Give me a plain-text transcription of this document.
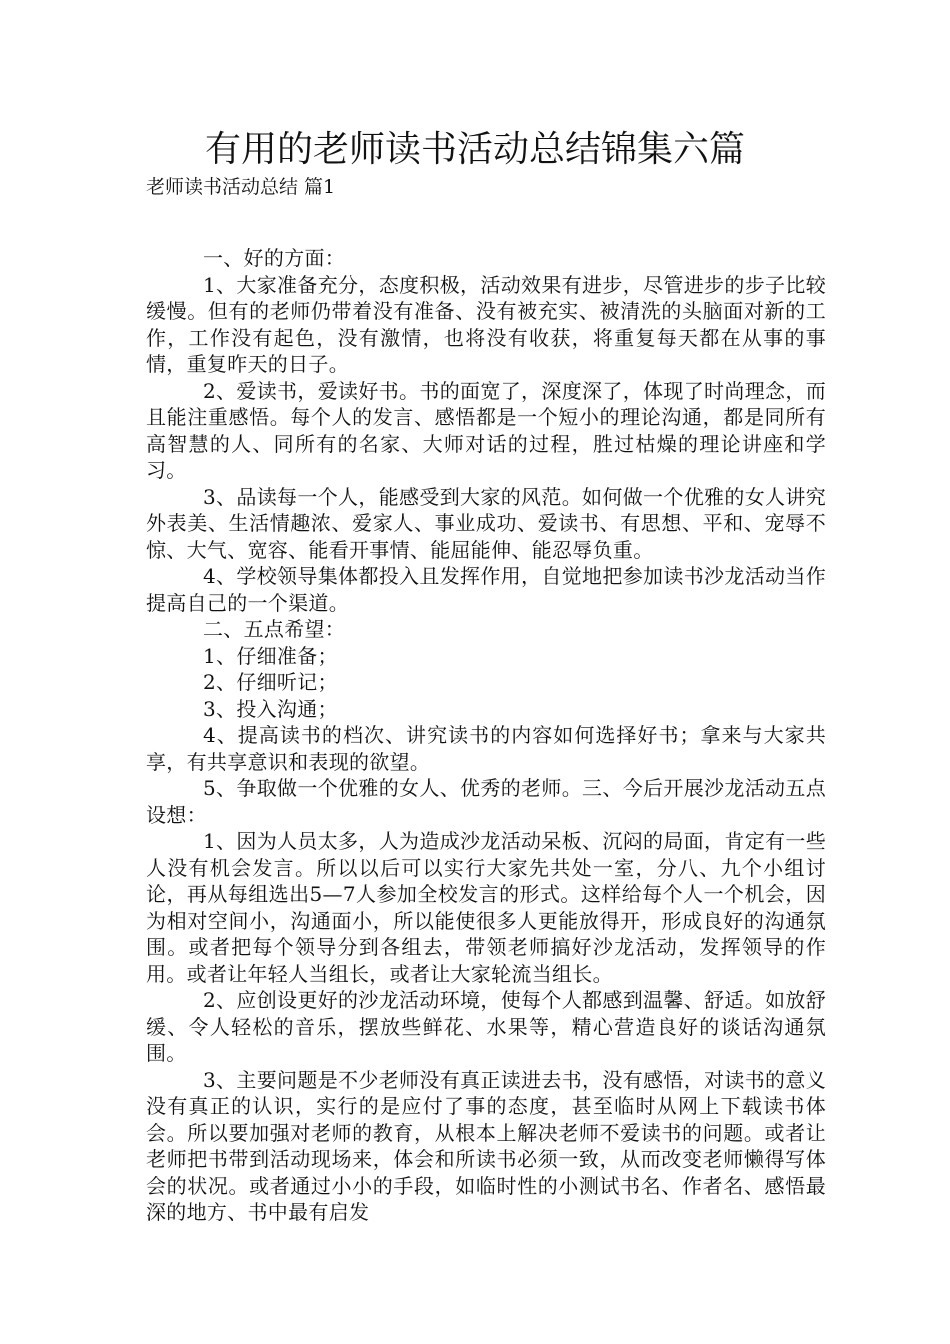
有用的老师读书活动总结锦集六篇
老师读书活动总结 篇1

一、好的方面：

1、大家准备充分，态度积极，活动效果有进步，尽管进步的步子比较缓慢。但有的老师仍带着没有准备、没有被充实、被清洗的头脑面对新的工作，工作没有起色，没有激情，也将没有收获，将重复每天都在从事的事情，重复昨天的日子。

2、爱读书，爱读好书。书的面宽了，深度深了，体现了时尚理念，而且能注重感悟。每个人的发言、感悟都是一个短小的理论沟通，都是同所有高智慧的人、同所有的名家、大师对话的过程，胜过枯燥的理论讲座和学习。

3、品读每一个人，能感受到大家的风范。如何做一个优雅的女人讲究外表美、生活情趣浓、爱家人、事业成功、爱读书、有思想、平和、宠辱不惊、大气、宽容、能看开事情、能屈能伸、能忍辱负重。

4、学校领导集体都投入且发挥作用，自觉地把参加读书沙龙活动当作提高自己的一个渠道。

二、五点希望：

1、仔细准备；

2、仔细听记；

3、投入沟通；

4、提高读书的档次、讲究读书的内容如何选择好书；拿来与大家共享，有共享意识和表现的欲望。

5、争取做一个优雅的女人、优秀的老师。三、今后开展沙龙活动五点设想：

1、因为人员太多，人为造成沙龙活动呆板、沉闷的局面，肯定有一些人没有机会发言。所以以后可以实行大家先共处一室，分八、九个小组讨论，再从每组选出5—7人参加全校发言的形式。这样给每个人一个机会，因为相对空间小，沟通面小，所以能使很多人更能放得开，形成良好的沟通氛围。或者把每个领导分到各组去，带领老师搞好沙龙活动，发挥领导的作用。或者让年轻人当组长，或者让大家轮流当组长。

2、应创设更好的沙龙活动环境，使每个人都感到温馨、舒适。如放舒缓、令人轻松的音乐，摆放些鲜花、水果等，精心营造良好的谈话沟通氛围。

3、主要问题是不少老师没有真正读进去书，没有感悟，对读书的意义没有真正的认识，实行的是应付了事的态度，甚至临时从网上下载读书体会。所以要加强对老师的教育，从根本上解决老师不爱读书的问题。或者让老师把书带到活动现场来，体会和所读书必须一致，从而改变老师懒得写体会的状况。或者通过小小的手段，如临时性的小测试书名、作者名、感悟最深的地方、书中最有启发
